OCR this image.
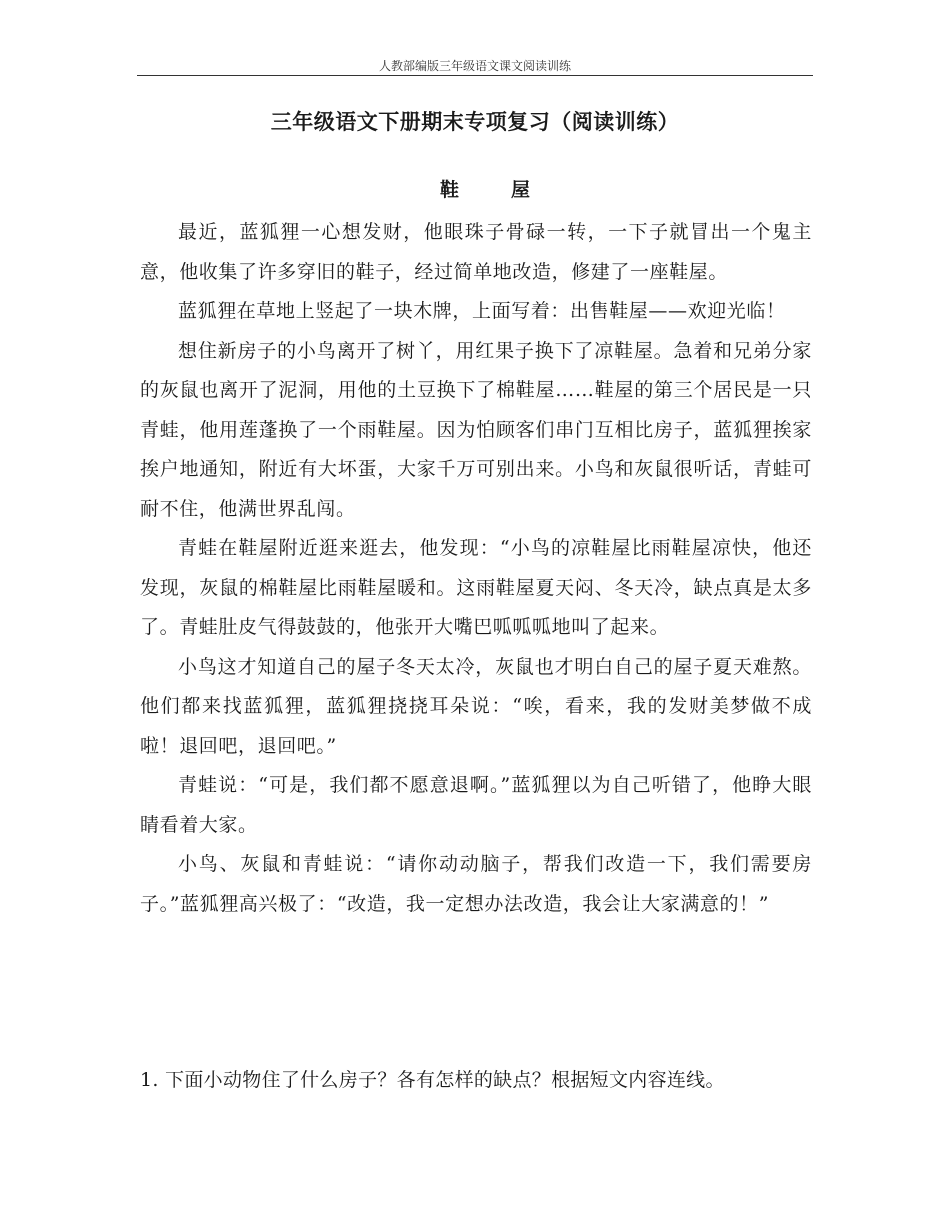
人教部编版三年级语文课文阅读训练
三年级语文下册期末专项复习（阅读训练）
鞋	屋

最近，蓝狐狸一心想发财，他眼珠子骨碌一转，一下子就冒出一个鬼主意，他收集了许多穿旧的鞋子，经过简单地改造，修建了一座鞋屋。

蓝狐狸在草地上竖起了一块木牌，上面写着：出售鞋屋——欢迎光临！

想住新房子的小鸟离开了树丫，用红果子换下了凉鞋屋。急着和兄弟分家的灰鼠也离开了泥洞，用他的土豆换下了棉鞋屋……鞋屋的第三个居民是一只青蛙，他用莲蓬换了一个雨鞋屋。因为怕顾客们串门互相比房子，蓝狐狸挨家挨户地通知，附近有大坏蛋，大家千万可别出来。小鸟和灰鼠很听话，青蛙可耐不住，他满世界乱闯。

青蛙在鞋屋附近逛来逛去，他发现：“小鸟的凉鞋屋比雨鞋屋凉快，他还发现，灰鼠的棉鞋屋比雨鞋屋暖和。这雨鞋屋夏天闷、冬天冷，缺点真是太多了。青蛙肚皮气得鼓鼓的，他张开大嘴巴呱呱呱地叫了起来。

小鸟这才知道自己的屋子冬天太冷，灰鼠也才明白自己的屋子夏天难熬。他们都来找蓝狐狸，蓝狐狸挠挠耳朵说：“唉，看来，我的发财美梦做不成啦！退回吧，退回吧。”

青蛙说：“可是，我们都不愿意退啊。”蓝狐狸以为自己听错了，他睁大眼睛看着大家。

小鸟、灰鼠和青蛙说：“请你动动脑子，帮我们改造一下，我们需要房子。”蓝狐狸高兴极了：“改造，我一定想办法改造，我会让大家满意的！”

1. 下面小动物住了什么房子？各有怎样的缺点？根据短文内容连线。
